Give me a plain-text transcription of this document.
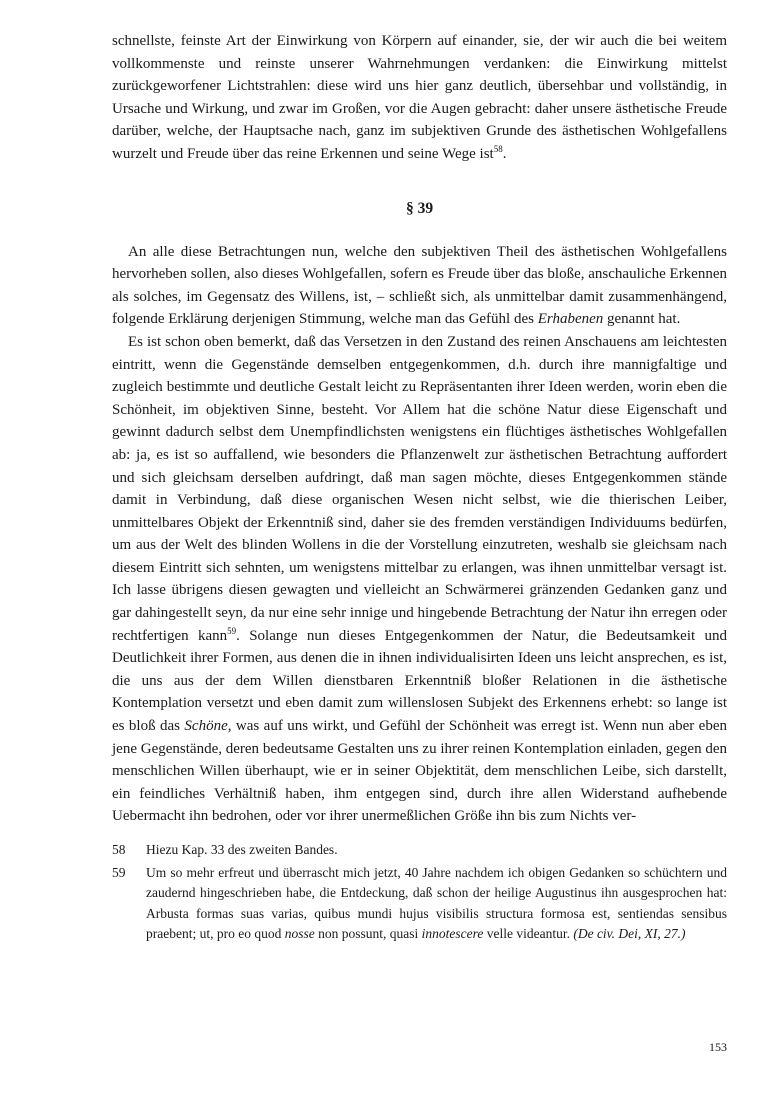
schnellste, feinste Art der Einwirkung von Körpern auf einander, sie, der wir auch die bei weitem vollkommenste und reinste unserer Wahrnehmungen verdanken: die Einwirkung mittelst zurückgeworfener Lichtstrahlen: diese wird uns hier ganz deutlich, übersehbar und vollständig, in Ursache und Wirkung, und zwar im Großen, vor die Augen gebracht: daher unsere ästhetische Freude darüber, welche, der Hauptsache nach, ganz im subjektiven Grunde des ästhetischen Wohlgefallens wurzelt und Freude über das reine Erkennen und seine Wege ist$^{58}$.

§ 39

An alle diese Betrachtungen nun, welche den subjektiven Theil des ästhetischen Wohlgefallens hervorheben sollen, also dieses Wohlgefallen, sofern es Freude über das bloße, anschauliche Erkennen als solches, im Gegensatz des Willens, ist, – schließt sich, als unmittelbar damit zusammenhängend, folgende Erklärung derjenigen Stimmung, welche man das Gefühl des Erhabenen genannt hat.

Es ist schon oben bemerkt, daß das Versetzen in den Zustand des reinen Anschauens am leichtesten eintritt, wenn die Gegenstände demselben entgegenkommen, d.h. durch ihre mannigfaltige und zugleich bestimmte und deutliche Gestalt leicht zu Repräsentanten ihrer Ideen werden, worin eben die Schönheit, im objektiven Sinne, besteht. Vor Allem hat die schöne Natur diese Eigenschaft und gewinnt dadurch selbst dem Unempfindlichsten wenigstens ein flüchtiges ästhetisches Wohlgefallen ab: ja, es ist so auffallend, wie besonders die Pflanzenwelt zur ästhetischen Betrachtung auffordert und sich gleichsam derselben aufdringt, daß man sagen möchte, dieses Entgegenkommen stände damit in Verbindung, daß diese organischen Wesen nicht selbst, wie die thierischen Leiber, unmittelbares Objekt der Erkenntniß sind, daher sie des fremden verständigen Individuums bedürfen, um aus der Welt des blinden Wollens in die der Vorstellung einzutreten, weshalb sie gleichsam nach diesem Eintritt sich sehnten, um wenigstens mittelbar zu erlangen, was ihnen unmittelbar versagt ist. Ich lasse übrigens diesen gewagten und vielleicht an Schwärmerei gränzenden Gedanken ganz und gar dahingestellt seyn, da nur eine sehr innige und hingebende Betrachtung der Natur ihn erregen oder rechtfertigen kann$^{59}$. Solange nun dieses Entgegenkommen der Natur, die Bedeutsamkeit und Deutlichkeit ihrer Formen, aus denen die in ihnen individualisirten Ideen uns leicht ansprechen, es ist, die uns aus der dem Willen dienstbaren Erkenntniß bloßer Relationen in die ästhetische Kontemplation versetzt und eben damit zum willenslosen Subjekt des Erkennens erhebt: so lange ist es bloß das Schöne, was auf uns wirkt, und Gefühl der Schönheit was erregt ist. Wenn nun aber eben jene Gegenstände, deren bedeutsame Gestalten uns zu ihrer reinen Kontemplation einladen, gegen den menschlichen Willen überhaupt, wie er in seiner Objektität, dem menschlichen Leibe, sich darstellt, ein feindliches Verhältniß haben, ihm entgegen sind, durch ihre allen Widerstand aufhebende Uebermacht ihn bedrohen, oder vor ihrer unermeßlichen Größe ihn bis zum Nichts ver-

58	Hiezu Kap. 33 des zweiten Bandes.
59	Um so mehr erfreut und überrascht mich jetzt, 40 Jahre nachdem ich obigen Gedanken so schüchtern und zaudernd hingeschrieben habe, die Entdeckung, daß schon der heilige Augustinus ihn ausgesprochen hat: Arbusta formas suas varias, quibus mundi hujus visibilis structura formosa est, sentiendas sensibus praebent; ut, pro eo quod nosse non possunt, quasi innotescere velle videantur. (De civ. Dei, XI, 27.)
153
